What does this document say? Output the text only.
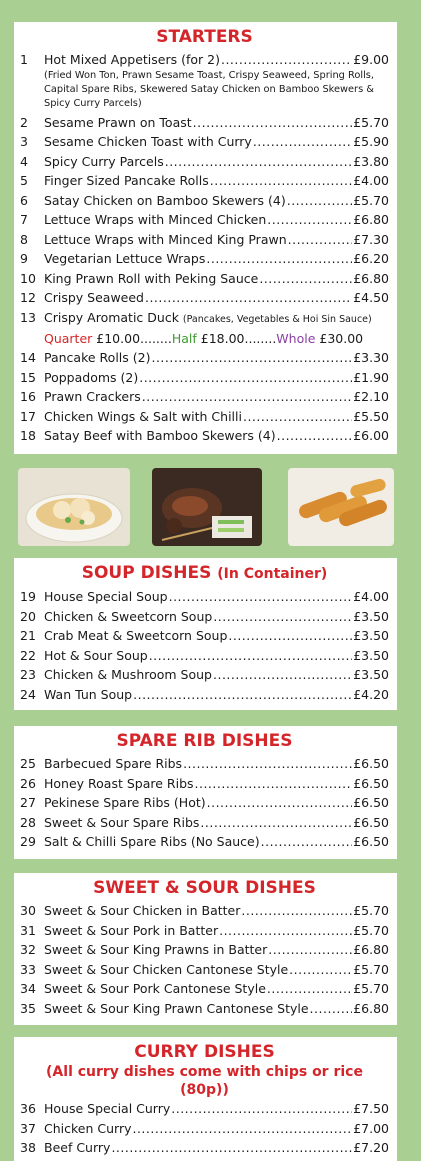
STARTERS
1	Hot Mixed Appetisers (for 2) .....	£9.00
(Fried Won Ton, Prawn Sesame Toast, Crispy Seaweed, Spring Rolls, Capital Spare Ribs, Skewered Satay Chicken on Bamboo Skewers & Spicy Curry Parcels)
2	Sesame Prawn on Toast .....	£5.70
3	Sesame Chicken Toast with Curry .....	£5.90
4	Spicy Curry Parcels .....	£3.80
5	Finger Sized Pancake Rolls .....	£4.00
6	Satay Chicken on Bamboo Skewers (4) .....	£5.70
7	Lettuce Wraps with Minced Chicken .....	£6.80
8	Lettuce Wraps with Minced King Prawn .....	£7.30
9	Vegetarian Lettuce Wraps .....	£6.20
10 King Prawn Roll with Peking Sauce .....	£6.80
12 Crispy Seaweed .....	£4.50
13 Crispy Aromatic Duck (Pancakes, Vegetables & Hoi Sin Sauce)
Quarter £10.00........Half £18.00........Whole £30.00
14 Pancake Rolls (2) .....	£3.30
15 Poppadoms (2) .....	£1.90
16 Prawn Crackers .....	£2.10
17 Chicken Wings & Salt with Chilli .....	£5.50
18 Satay Beef with Bamboo Skewers (4) .....	£6.00
SOUP DISHES (In Container)
19 House Special Soup .....	£4.00
20 Chicken & Sweetcorn Soup .....	£3.50
21 Crab Meat & Sweetcorn Soup .....	£3.50
22 Hot & Sour Soup .....	£3.50
23 Chicken & Mushroom Soup .....	£3.50
24 Wan Tun Soup .....	£4.20
SPARE RIB DISHES
25 Barbecued Spare Ribs .....	£6.50
26 Honey Roast Spare Ribs .....	£6.50
27 Pekinese Spare Ribs (Hot) .....	£6.50
28 Sweet & Sour Spare Ribs .....	£6.50
29 Salt & Chilli Spare Ribs (No Sauce) .....	£6.50
SWEET & SOUR DISHES
30 Sweet & Sour Chicken in Batter .....	£5.70
31 Sweet & Sour Pork in Batter .....	£5.70
32 Sweet & Sour King Prawns in Batter .....	£6.80
33 Sweet & Sour Chicken Cantonese Style .....	£5.70
34 Sweet & Sour Pork Cantonese Style .....	£5.70
35 Sweet & Sour King Prawn Cantonese Style .....	£6.80
CURRY DISHES
(All curry dishes come with chips or rice (80p))
36 House Special Curry .....	£7.50
37 Chicken Curry .....	£7.00
38 Beef Curry .....	£7.20
